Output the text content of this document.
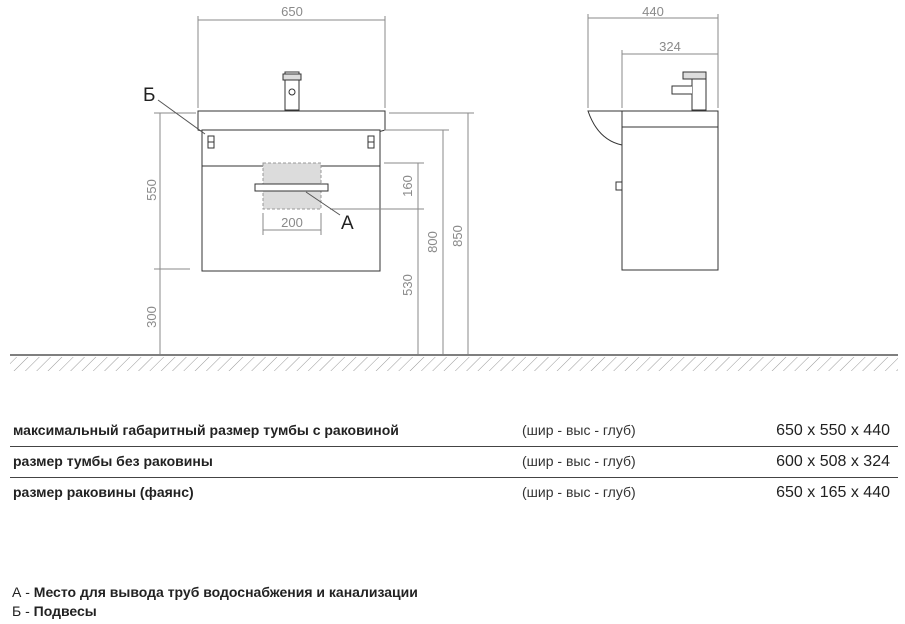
650
550
300
160
200
530
800 850
Б
А
440
324
максимальный габаритный размер тумбы с раковиной	(шир - выс - глуб)	650 x 550 x 440
размер тумбы без раковины	(шир - выс - глуб)	600 x 508 x 324
размер раковины (фаянс)	(шир - выс - глуб)	650 x 165 x 440
А - Место для вывода труб водоснабжения и канализации
Б - Подвесы
